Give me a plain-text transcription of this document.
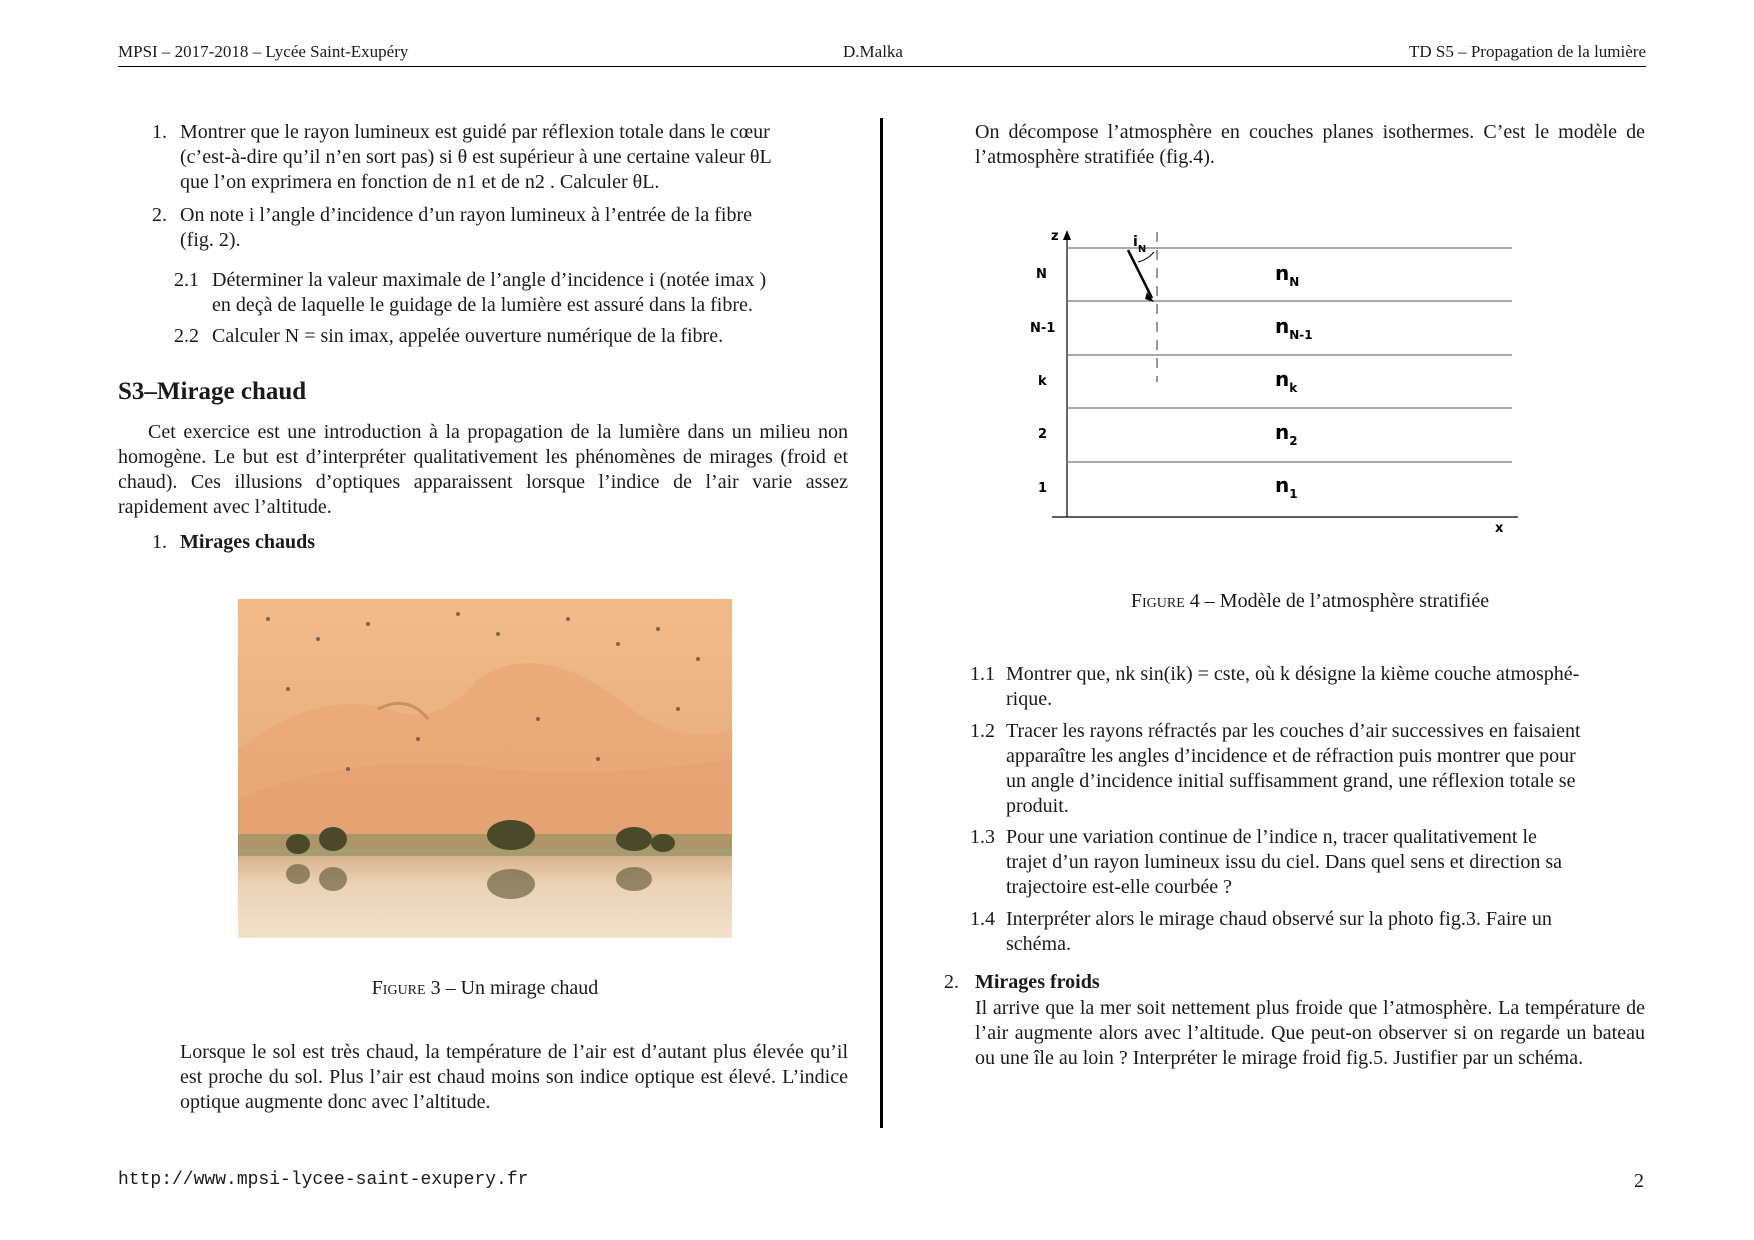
MPSI – 2017-2018 – Lycée Saint-Exupéry	D.Malka	TD S5 – Propagation de la lumière
1. Montrer que le rayon lumineux est guidé par réflexion totale dans le cœur
(c’est-à-dire qu’il n’en sort pas) si θ est supérieur à une certaine valeur θL
que l’on exprimera en fonction de n1 et de n2 . Calculer θL.
2. On note i l’angle d’incidence d’un rayon lumineux à l’entrée de la fibre
(fig. 2).
2.1 Déterminer la valeur maximale de l’angle d’incidence i (notée imax )
en deçà de laquelle le guidage de la lumière est assuré dans la fibre.
2.2 Calculer N = sin imax, appelée ouverture numérique de la fibre.
S3–Mirage chaud
Cet exercice est une introduction à la propagation de la lumière dans un milieu non homogène. Le but est d’interpréter qualitativement les phénomènes de mirages (froid et chaud). Ces illusions d’optiques apparaissent lorsque l’indice de l’air varie assez rapidement avec l’altitude.
1. Mirages chauds
Figure 3 – Un mirage chaud
Lorsque le sol est très chaud, la température de l’air est d’autant plus élevée qu’il est proche du sol. Plus l’air est chaud moins son indice optique est élevé. L’indice optique augmente donc avec l’altitude.
On décompose l’atmosphère en couches planes isothermes. C’est le modèle de l’atmosphère stratifiée (fig.4).
z
x
$i_N$
N
N-1
k
2
1
$n_N$
$n_{N-1}$
$n_k$
$n_2$
$n_1$
Figure 4 – Modèle de l’atmosphère stratifiée
1.1 Montrer que, nk sin(ik) = cste, où k désigne la kième couche atmosphé-
rique.
1.2 Tracer les rayons réfractés par les couches d’air successives en faisaient
apparaître les angles d’incidence et de réfraction puis montrer que pour
un angle d’incidence initial suffisamment grand, une réflexion totale se
produit.
1.3 Pour une variation continue de l’indice n, tracer qualitativement le
trajet d’un rayon lumineux issu du ciel. Dans quel sens et direction sa
trajectoire est-elle courbée ?
1.4 Interpréter alors le mirage chaud observé sur la photo fig.3. Faire un
schéma.
2. Mirages froids
Il arrive que la mer soit nettement plus froide que l’atmosphère. La température de l’air augmente alors avec l’altitude. Que peut-on observer si on regarde un bateau ou une île au loin ? Interpréter le mirage froid fig.5. Justifier par un schéma.
http://www.mpsi-lycee-saint-exupery.fr	2
